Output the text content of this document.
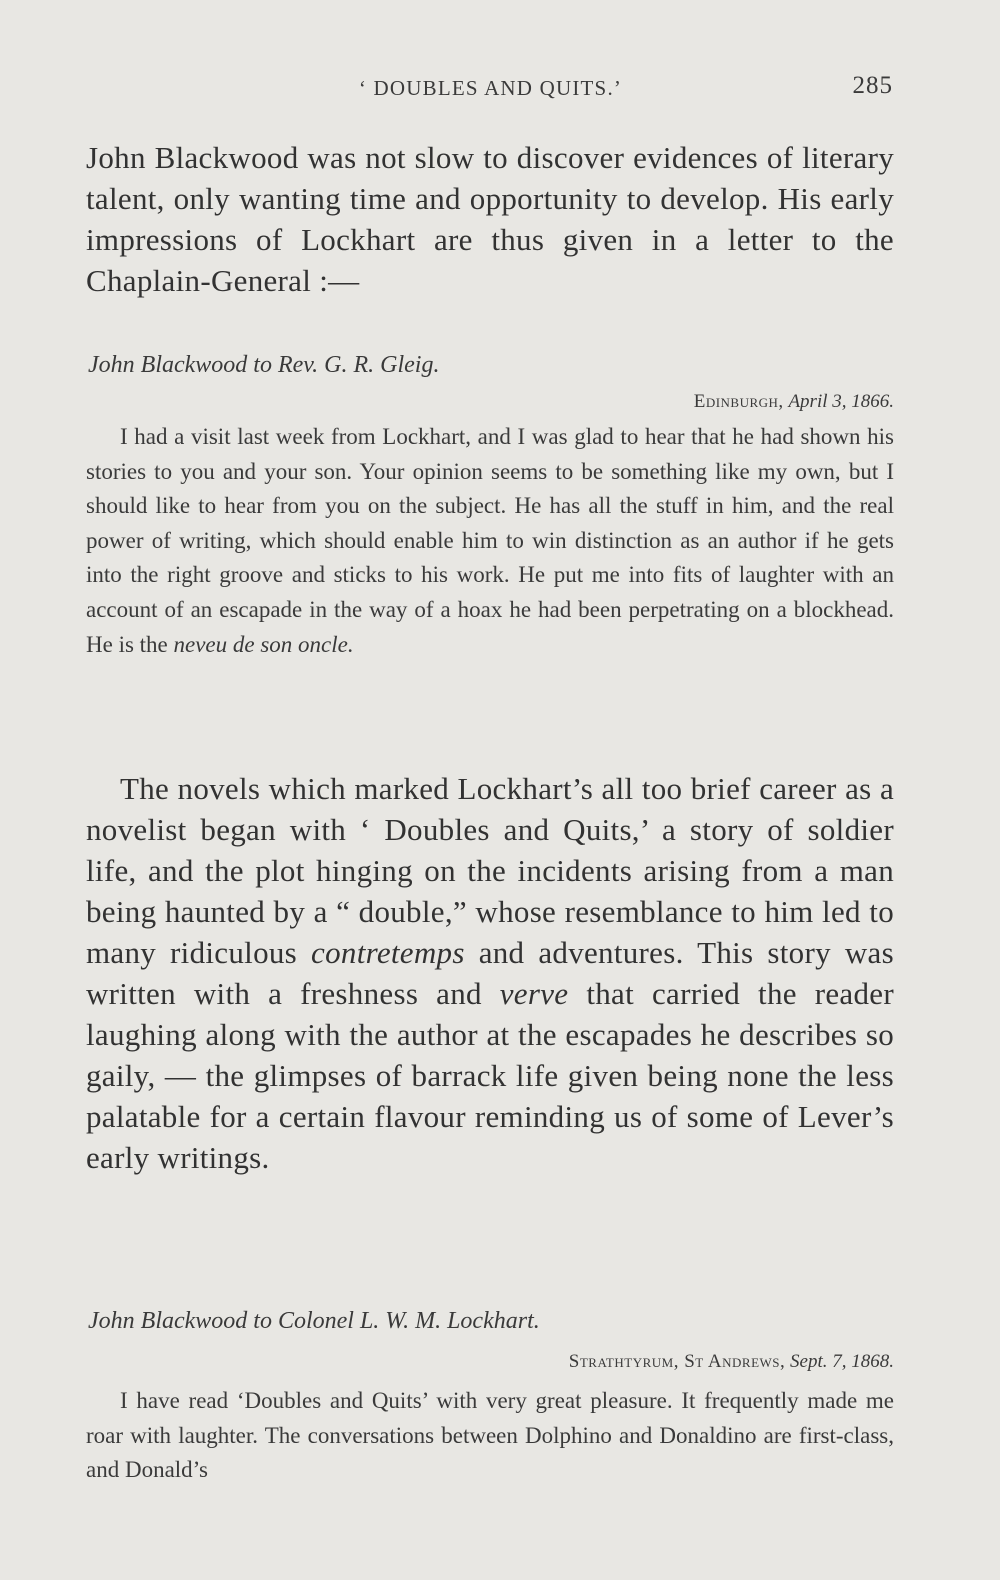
‘ DOUBLES AND QUITS.’	285

John Blackwood was not slow to discover evidences of literary talent, only wanting time and opportunity to develop. His early impressions of Lockhart are thus given in a letter to the Chaplain-General :—

John Blackwood to Rev. G. R. Gleig.
Edinburgh, April 3, 1866.

I had a visit last week from Lockhart, and I was glad to hear that he had shown his stories to you and your son. Your opinion seems to be something like my own, but I should like to hear from you on the subject. He has all the stuff in him, and the real power of writing, which should enable him to win distinction as an author if he gets into the right groove and sticks to his work. He put me into fits of laughter with an account of an escapade in the way of a hoax he had been perpetrating on a blockhead. He is the neveu de son oncle.

The novels which marked Lockhart’s all too brief career as a novelist began with ‘ Doubles and Quits,’ a story of soldier life, and the plot hinging on the incidents arising from a man being haunted by a “ double,” whose resemblance to him led to many ridiculous contretemps and adventures. This story was written with a freshness and verve that carried the reader laughing along with the author at the escapades he describes so gaily, — the glimpses of barrack life given being none the less palatable for a certain flavour reminding us of some of Lever’s early writings.

John Blackwood to Colonel L. W. M. Lockhart.
Strathtyrum, St Andrews, Sept. 7, 1868.

I have read ‘Doubles and Quits’ with very great pleasure. It frequently made me roar with laughter. The conversations between Dolphino and Donaldino are first-class, and Donald’s
